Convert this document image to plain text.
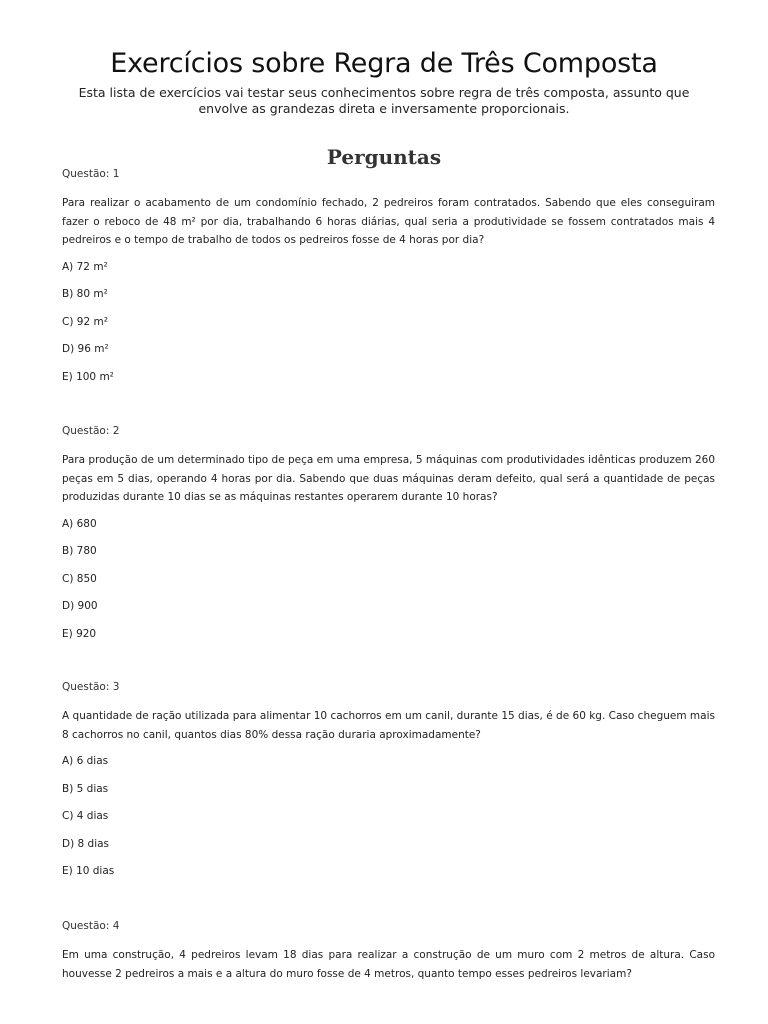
Exercícios sobre Regra de Três Composta

Esta lista de exercícios vai testar seus conhecimentos sobre regra de três composta, assunto que envolve as grandezas direta e inversamente proporcionais.

Perguntas

Questão: 1

Para realizar o acabamento de um condomínio fechado, 2 pedreiros foram contratados. Sabendo que eles conseguiram fazer o reboco de 48 m² por dia, trabalhando 6 horas diárias, qual seria a produtividade se fossem contratados mais 4 pedreiros e o tempo de trabalho de todos os pedreiros fosse de 4 horas por dia?

A) 72 m²
B) 80 m²
C) 92 m²
D) 96 m²
E) 100 m²

Questão: 2

Para produção de um determinado tipo de peça em uma empresa, 5 máquinas com produtividades idênticas produzem 260 peças em 5 dias, operando 4 horas por dia. Sabendo que duas máquinas deram defeito, qual será a quantidade de peças produzidas durante 10 dias se as máquinas restantes operarem durante 10 horas?

A) 680
B) 780
C) 850
D) 900
E) 920

Questão: 3

A quantidade de ração utilizada para alimentar 10 cachorros em um canil, durante 15 dias, é de 60 kg. Caso cheguem mais 8 cachorros no canil, quantos dias 80% dessa ração duraria aproximadamente?

A) 6 dias
B) 5 dias
C) 4 dias
D) 8 dias
E) 10 dias

Questão: 4

Em uma construção, 4 pedreiros levam 18 dias para realizar a construção de um muro com 2 metros de altura. Caso houvesse 2 pedreiros a mais e a altura do muro fosse de 4 metros, quanto tempo esses pedreiros levariam?
